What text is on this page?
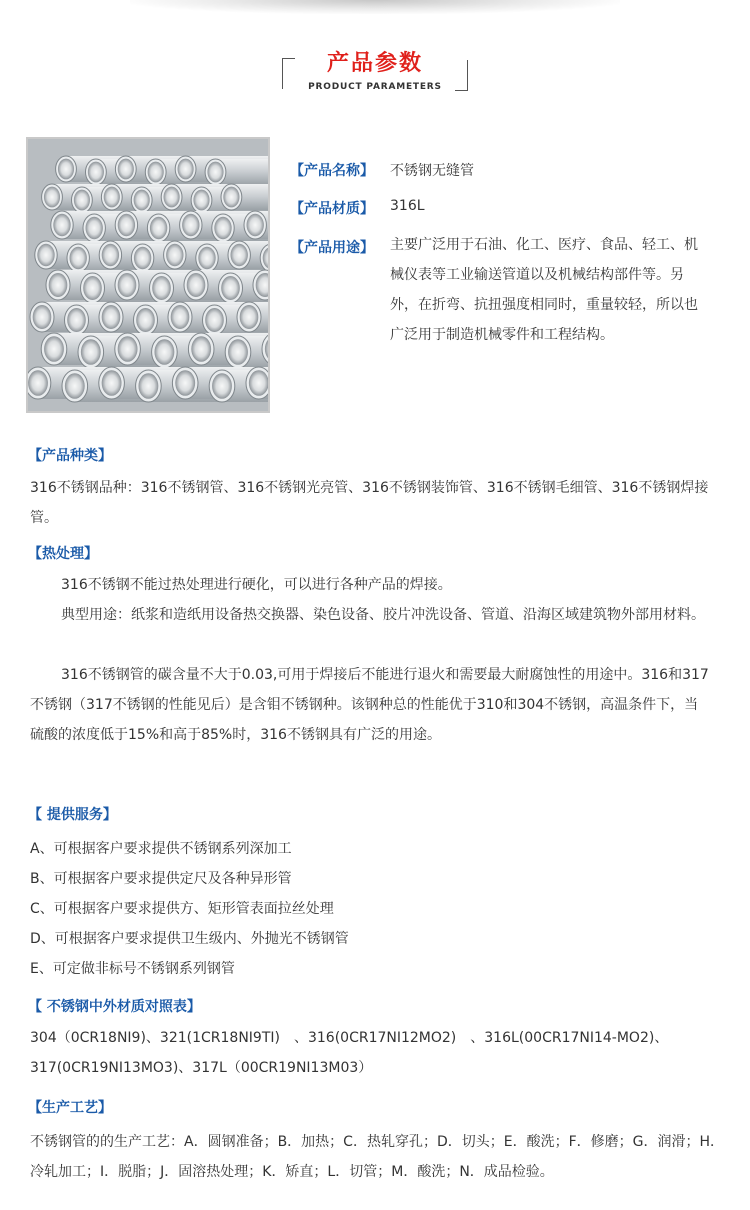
产品参数
PRODUCT PARAMETERS
【产品名称】 不锈钢无缝管
【产品材质】 316L
【产品用途】 主要广泛用于石油、化工、医疗、食品、轻工、机械仪表等工业输送管道以及机械结构部件等。另外，在折弯、抗扭强度相同时，重量较轻，所以也广泛用于制造机械零件和工程结构。
【产品种类】
316不锈钢品种：316不锈钢管、316不锈钢光亮管、316不锈钢装饰管、316不锈钢毛细管、316不锈钢焊接管。
【热处理】
316不锈钢不能过热处理进行硬化，可以进行各种产品的焊接。
典型用途：纸浆和造纸用设备热交换器、染色设备、胶片冲洗设备、管道、沿海区域建筑物外部用材料。
316不锈钢管的碳含量不大于0.03,可用于焊接后不能进行退火和需要最大耐腐蚀性的用途中。316和317不锈钢（317不锈钢的性能见后）是含钼不锈钢种。该钢种总的性能优于310和304不锈钢，高温条件下，当硫酸的浓度低于15%和高于85%时，316不锈钢具有广泛的用途。
【 提供服务】
A、可根据客户要求提供不锈钢系列深加工
B、可根据客户要求提供定尺及各种异形管
C、可根据客户要求提供方、矩形管表面拉丝处理
D、可根据客户要求提供卫生级内、外抛光不锈钢管
E、可定做非标号不锈钢系列钢管
【 不锈钢中外材质对照表】
304（0CR18NI9)、321(1CR18NI9TI)　、316(0CR17NI12MO2)　、316L(00CR17NI14-MO2)、317(0CR19NI13MO3)、317L（00CR19NI13M03）
【生产工艺】
不锈钢管的的生产工艺：A．圆钢准备；B．加热；C．热轧穿孔；D．切头；E．酸洗；F．修磨；G．润滑；H．冷轧加工；I．脱脂；J．固溶热处理；K．矫直；L．切管；M．酸洗；N．成品检验。
